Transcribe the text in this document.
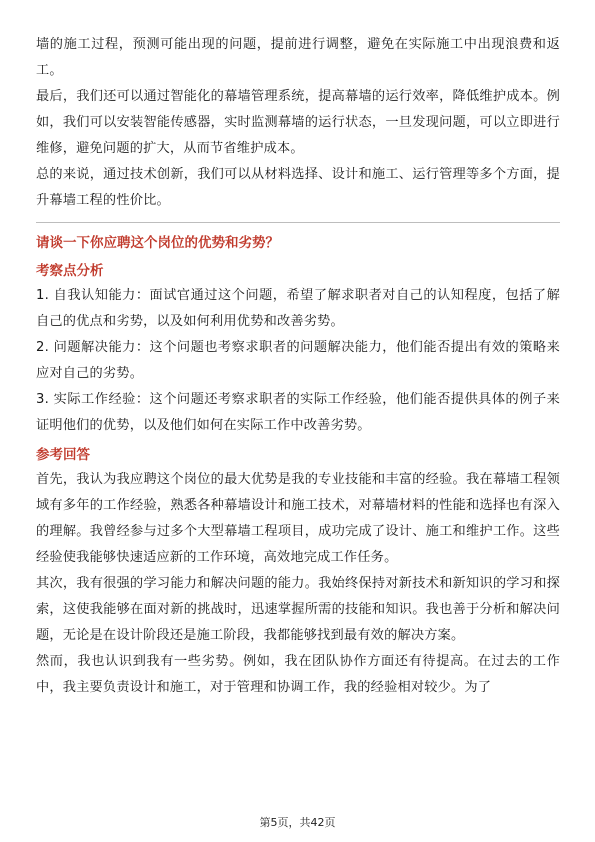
墙的施工过程，预测可能出现的问题，提前进行调整，避免在实际施工中出现浪费和返工。

最后，我们还可以通过智能化的幕墙管理系统，提高幕墙的运行效率，降低维护成本。例如，我们可以安装智能传感器，实时监测幕墙的运行状态，一旦发现问题，可以立即进行维修，避免问题的扩大，从而节省维护成本。

总的来说，通过技术创新，我们可以从材料选择、设计和施工、运行管理等多个方面，提升幕墙工程的性价比。

请谈一下你应聘这个岗位的优势和劣势？

考察点分析

1. 自我认知能力：面试官通过这个问题，希望了解求职者对自己的认知程度，包括了解自己的优点和劣势，以及如何利用优势和改善劣势。

2. 问题解决能力：这个问题也考察求职者的问题解决能力，他们能否提出有效的策略来应对自己的劣势。

3. 实际工作经验：这个问题还考察求职者的实际工作经验，他们能否提供具体的例子来证明他们的优势，以及他们如何在实际工作中改善劣势。

参考回答

首先，我认为我应聘这个岗位的最大优势是我的专业技能和丰富的经验。我在幕墙工程领域有多年的工作经验，熟悉各种幕墙设计和施工技术，对幕墙材料的性能和选择也有深入的理解。我曾经参与过多个大型幕墙工程项目，成功完成了设计、施工和维护工作。这些经验使我能够快速适应新的工作环境，高效地完成工作任务。

其次，我有很强的学习能力和解决问题的能力。我始终保持对新技术和新知识的学习和探索，这使我能够在面对新的挑战时，迅速掌握所需的技能和知识。我也善于分析和解决问题，无论是在设计阶段还是施工阶段，我都能够找到最有效的解决方案。

然而，我也认识到我有一些劣势。例如，我在团队协作方面还有待提高。在过去的工作中，我主要负责设计和施工，对于管理和协调工作，我的经验相对较少。为了

第5页，共42页
